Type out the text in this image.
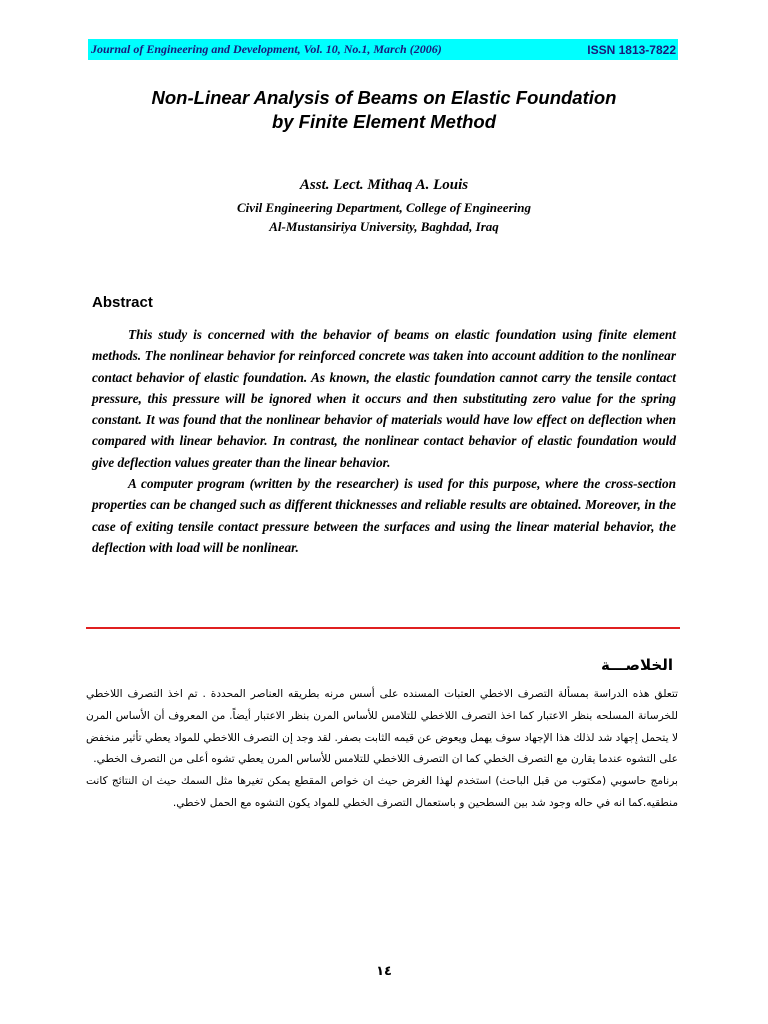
Journal of Engineering and Development, Vol. 10, No.1, March (2006)	ISSN 1813-7822
Non-Linear Analysis of Beams on Elastic Foundation
by Finite Element Method
Asst. Lect. Mithaq A. Louis
Civil Engineering Department, College of Engineering
Al-Mustansiriya University, Baghdad, Iraq
Abstract

This study is concerned with the behavior of beams on elastic foundation using finite element methods. The nonlinear behavior for reinforced concrete was taken into account addition to the nonlinear contact behavior of elastic foundation. As known, the elastic foundation cannot carry the tensile contact pressure, this pressure will be ignored when it occurs and then substituting zero value for the spring constant. It was found that the nonlinear behavior of materials would have low effect on deflection when compared with linear behavior. In contrast, the nonlinear contact behavior of elastic foundation would give deflection values greater than the linear behavior.

A computer program (written by the researcher) is used for this purpose, where the cross-section properties can be changed such as different thicknesses and reliable results are obtained. Moreover, in the case of exiting tensile contact pressure between the surfaces and using the linear material behavior, the deflection with load will be nonlinear.

الخلاصـــة

تتعلق هذه الدراسة بمسألة التصرف الاخطي العتبات المسنده على أسس مرنه بطريقه العناصر المحددة . تم اخذ التصرف اللاخطي للخرسانة المسلحه بنظر الاعتبار كما اخذ التصرف اللاخطي للتلامس للأساس المرن بنظر الاعتبار أيضاً. من المعروف أن الأساس المرن لا يتحمل إجهاد شد لذلك هذا الإجهاد سوف يهمل ويعوض عن قيمه الثابت بصفر. لقد وجد إن التصرف اللاخطي للمواد يعطي تأثير منخفض على التشوه عندما يقارن مع التصرف الخطي كما ان التصرف اللاخطي للتلامس للأساس المرن يعطي تشوه أعلى من التصرف الخطي.

برنامج حاسوبي (مكتوب من قبل الباحث) استخدم لهذا الغرض حيث ان خواص المقطع يمكن تغيرها مثل السمك حيث ان النتائج كانت منطقيه.كما انه في حاله وجود شد بين السطحين و باستعمال التصرف الخطي للمواد يكون التشوه مع الحمل لاخطي.

١٤
